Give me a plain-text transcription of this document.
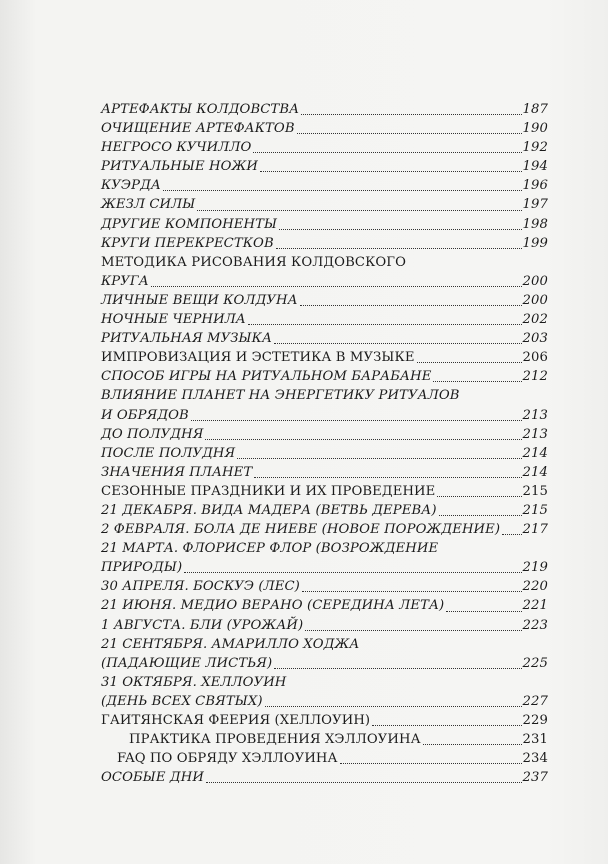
АРТЕФАКТЫ КОЛДОВСТВА	187
ОЧИЩЕНИЕ АРТЕФАКТОВ	190
НЕГРОСО КУЧИЛЛО	192
РИТУАЛЬНЫЕ НОЖИ	194
КУЭРДА	196
ЖЕЗЛ СИЛЫ	197
ДРУГИЕ КОМПОНЕНТЫ	198
КРУГИ ПЕРЕКРЕСТКОВ	199
МЕТОДИКА РИСОВАНИЯ КОЛДОВСКОГО
КРУГА	200
ЛИЧНЫЕ ВЕЩИ КОЛДУНА	200
НОЧНЫЕ ЧЕРНИЛА	202
РИТУАЛЬНАЯ МУЗЫКА	203
ИМПРОВИЗАЦИЯ И ЭСТЕТИКА В МУЗЫКЕ	206
СПОСОБ ИГРЫ НА РИТУАЛЬНОМ БАРАБАНЕ	212
ВЛИЯНИЕ ПЛАНЕТ НА ЭНЕРГЕТИКУ РИТУАЛОВ
И ОБРЯДОВ	213
ДО ПОЛУДНЯ	213
ПОСЛЕ ПОЛУДНЯ	214
ЗНАЧЕНИЯ ПЛАНЕТ	214
СЕЗОННЫЕ ПРАЗДНИКИ И ИХ ПРОВЕДЕНИЕ	215
21 ДЕКАБРЯ. ВИДА МАДЕРА (ВЕТВЬ ДЕРЕВА)	215
2 ФЕВРАЛЯ. БОЛА ДЕ НИЕВЕ (НОВОЕ ПОРОЖДЕНИЕ) 217
21 МАРТА. ФЛОРИСЕР ФЛОР (ВОЗРОЖДЕНИЕ
ПРИРОДЫ)	219
30 АПРЕЛЯ. БОСКУЭ (ЛЕС)	220
21 ИЮНЯ. МЕДИО ВЕРАНО (СЕРЕДИНА ЛЕТА)	221
1 АВГУСТА. БЛИ (УРОЖАЙ)	223
21 СЕНТЯБРЯ. АМАРИЛЛО ХОДЖА
(ПАДАЮЩИЕ ЛИСТЬЯ)	225
31 ОКТЯБРЯ. ХЕЛЛОУИН
(ДЕНЬ ВСЕХ СВЯТЫХ)	227
ГАИТЯНСКАЯ ФЕЕРИЯ (ХЕЛЛОУИН)	229
ПРАКТИКА ПРОВЕДЕНИЯ ХЭЛЛОУИНА	231
FAQ ПО ОБРЯДУ ХЭЛЛОУИНА	234
ОСОБЫЕ ДНИ	237
